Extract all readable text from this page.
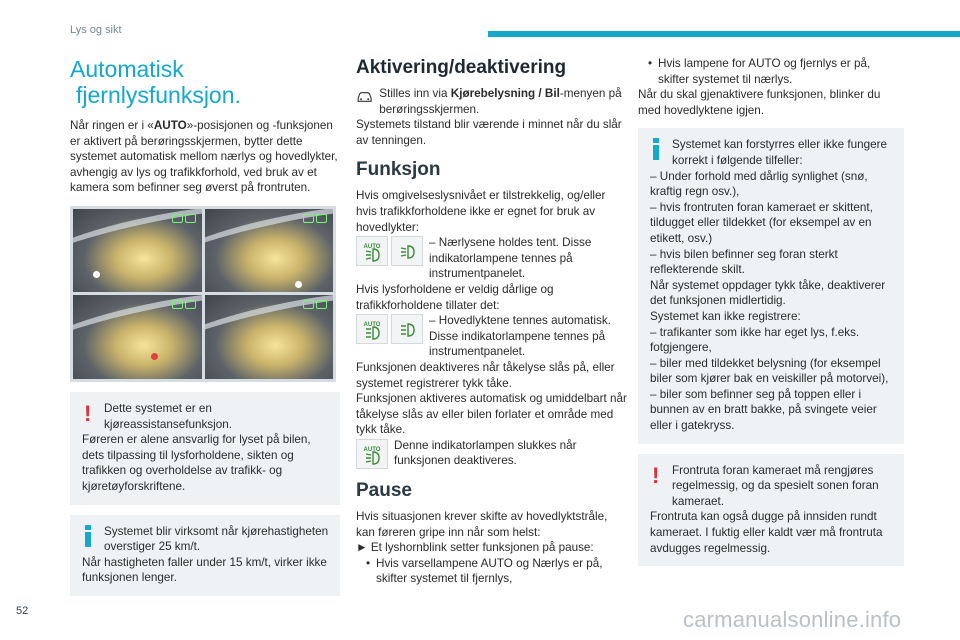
Lys og sikt
Automatisk
fjernlysfunksjon.

Når ringen er i «AUTO»-posisjonen og -funksjonen er aktivert på berøringsskjermen, bytter dette systemet automatisk mellom nærlys og hovedlykter, avhengig av lys og trafikkforhold, ved bruk av et kamera som befinner seg øverst på frontruten.

!	Dette systemet er en kjøreassistansefunksjon.

Føreren er alene ansvarlig for lyset på bilen, dets tilpassing til lysforholdene, sikten og trafikken og overholdelse av trafikk- og kjøretøyforskriftene.

Systemet blir virksomt når kjørehastigheten overstiger 25 km/t.

Når hastigheten faller under 15 km/t, virker ikke funksjonen lenger.

Aktivering/deaktivering

Stilles inn via Kjørebelysning / Bil-menyen på berøringsskjermen.

Systemets tilstand blir værende i minnet når du slår av tenningen.

Funksjon

Hvis omgivelseslysnivået er tilstrekkelig, og/eller hvis trafikkforholdene ikke er egnet for bruk av hovedlykter:

AUTO	– Nærlysene holdes tent. Disse indikatorlampene tennes på instrumentpanelet.

Hvis lysforholdene er veldig dårlige og trafikkforholdene tillater det:

AUTO	– Hovedlyktene tennes automatisk. Disse indikatorlampene tennes på instrumentpanelet.

Funksjonen deaktiveres når tåkelyse slås på, eller systemet registrerer tykk tåke.

Funksjonen aktiveres automatisk og umiddelbart når tåkelyse slås av eller bilen forlater et område med tykk tåke.

AUTO	Denne indikatorlampen slukkes når funksjonen deaktiveres.

Pause

Hvis situasjonen krever skifte av hovedlyktstråle, kan føreren gripe inn når som helst:

► Et lyshornblink setter funksjonen på pause:

• Hvis varsellampene AUTO og Nærlys er på, skifter systemet til fjernlys,
• Hvis lampene for AUTO og fjernlys er på, skifter systemet til nærlys.

Når du skal gjenaktivere funksjonen, blinker du med hovedlyktene igjen.

Systemet kan forstyrres eller ikke fungere korrekt i følgende tilfeller:

– Under forhold med dårlig synlighet (snø, kraftig regn osv.),

– hvis frontruten foran kameraet er skittent, tildugget eller tildekket (for eksempel av en etikett, osv.)

– hvis bilen befinner seg foran sterkt reflekterende skilt.

Når systemet oppdager tykk tåke, deaktiverer det funksjonen midlertidig.

Systemet kan ikke registrere:

– trafikanter som ikke har eget lys, f.eks. fotgjengere,

– biler med tildekket belysning (for eksempel biler som kjører bak en veiskiller på motorvei),

– biler som befinner seg på toppen eller i bunnen av en bratt bakke, på svingete veier eller i gatekryss.

!	Frontruta foran kameraet må rengjøres regelmessig, og da spesielt sonen foran kameraet.

Frontruta kan også dugge på innsiden rundt kameraet. I fuktig eller kaldt vær må frontruta avdugges regelmessig.

52	carmanualsonline.info
